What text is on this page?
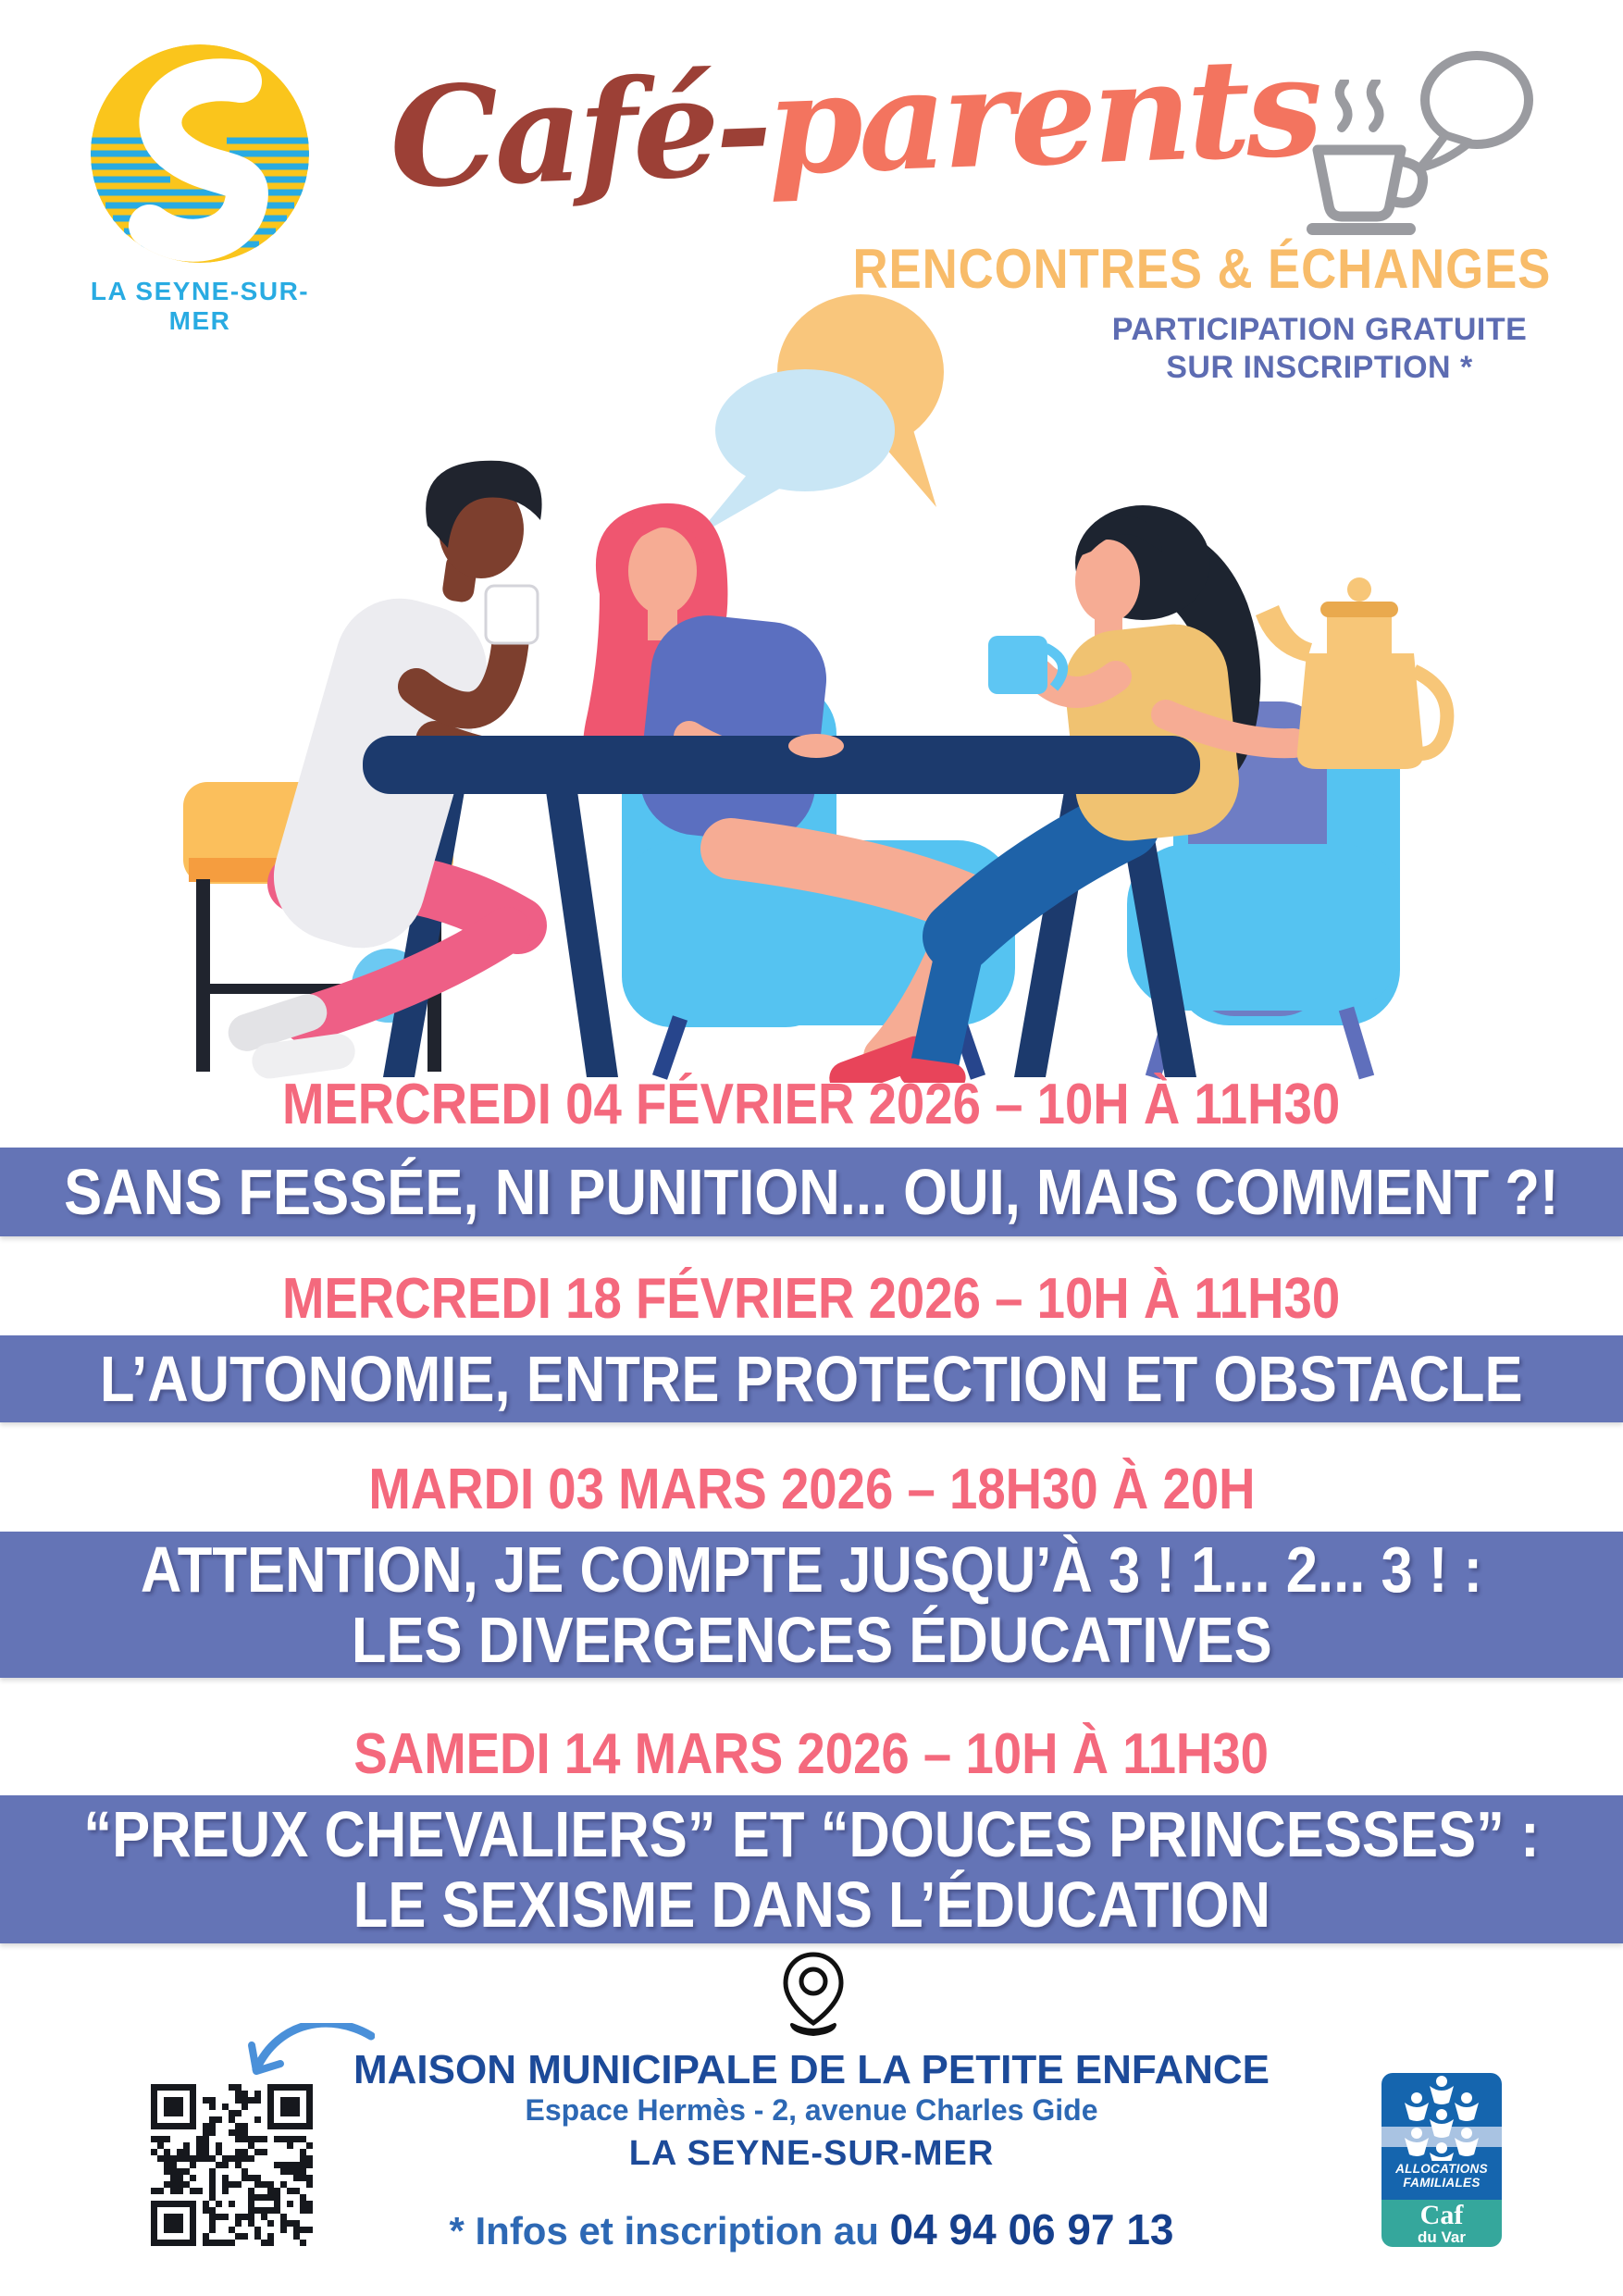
LA SEYNE-SUR-MER
Café-parents
RENCONTRES & ÉCHANGES
PARTICIPATION GRATUITE
SUR INSCRIPTION *
MERCREDI 04 FÉVRIER 2026 – 10H À 11H30
SANS FESSÉE, NI PUNITION... OUI, MAIS COMMENT ?!
MERCREDI 18 FÉVRIER 2026 – 10H À 11H30
L’AUTONOMIE, ENTRE PROTECTION ET OBSTACLE
MARDI 03 MARS 2026 – 18H30 À 20H
ATTENTION, JE COMPTE JUSQU’À 3 ! 1... 2... 3 ! :
LES DIVERGENCES ÉDUCATIVES
SAMEDI 14 MARS 2026 – 10H À 11H30
“PREUX CHEVALIERS” ET “DOUCES PRINCESSES” :
LE SEXISME DANS L’ÉDUCATION
MAISON MUNICIPALE DE LA PETITE ENFANCE
Espace Hermès - 2, avenue Charles Gide
LA SEYNE-SUR-MER
* Infos et inscription au 04 94 06 97 13
ALLOCATIONS
FAMILIALES
Caf
du Var
